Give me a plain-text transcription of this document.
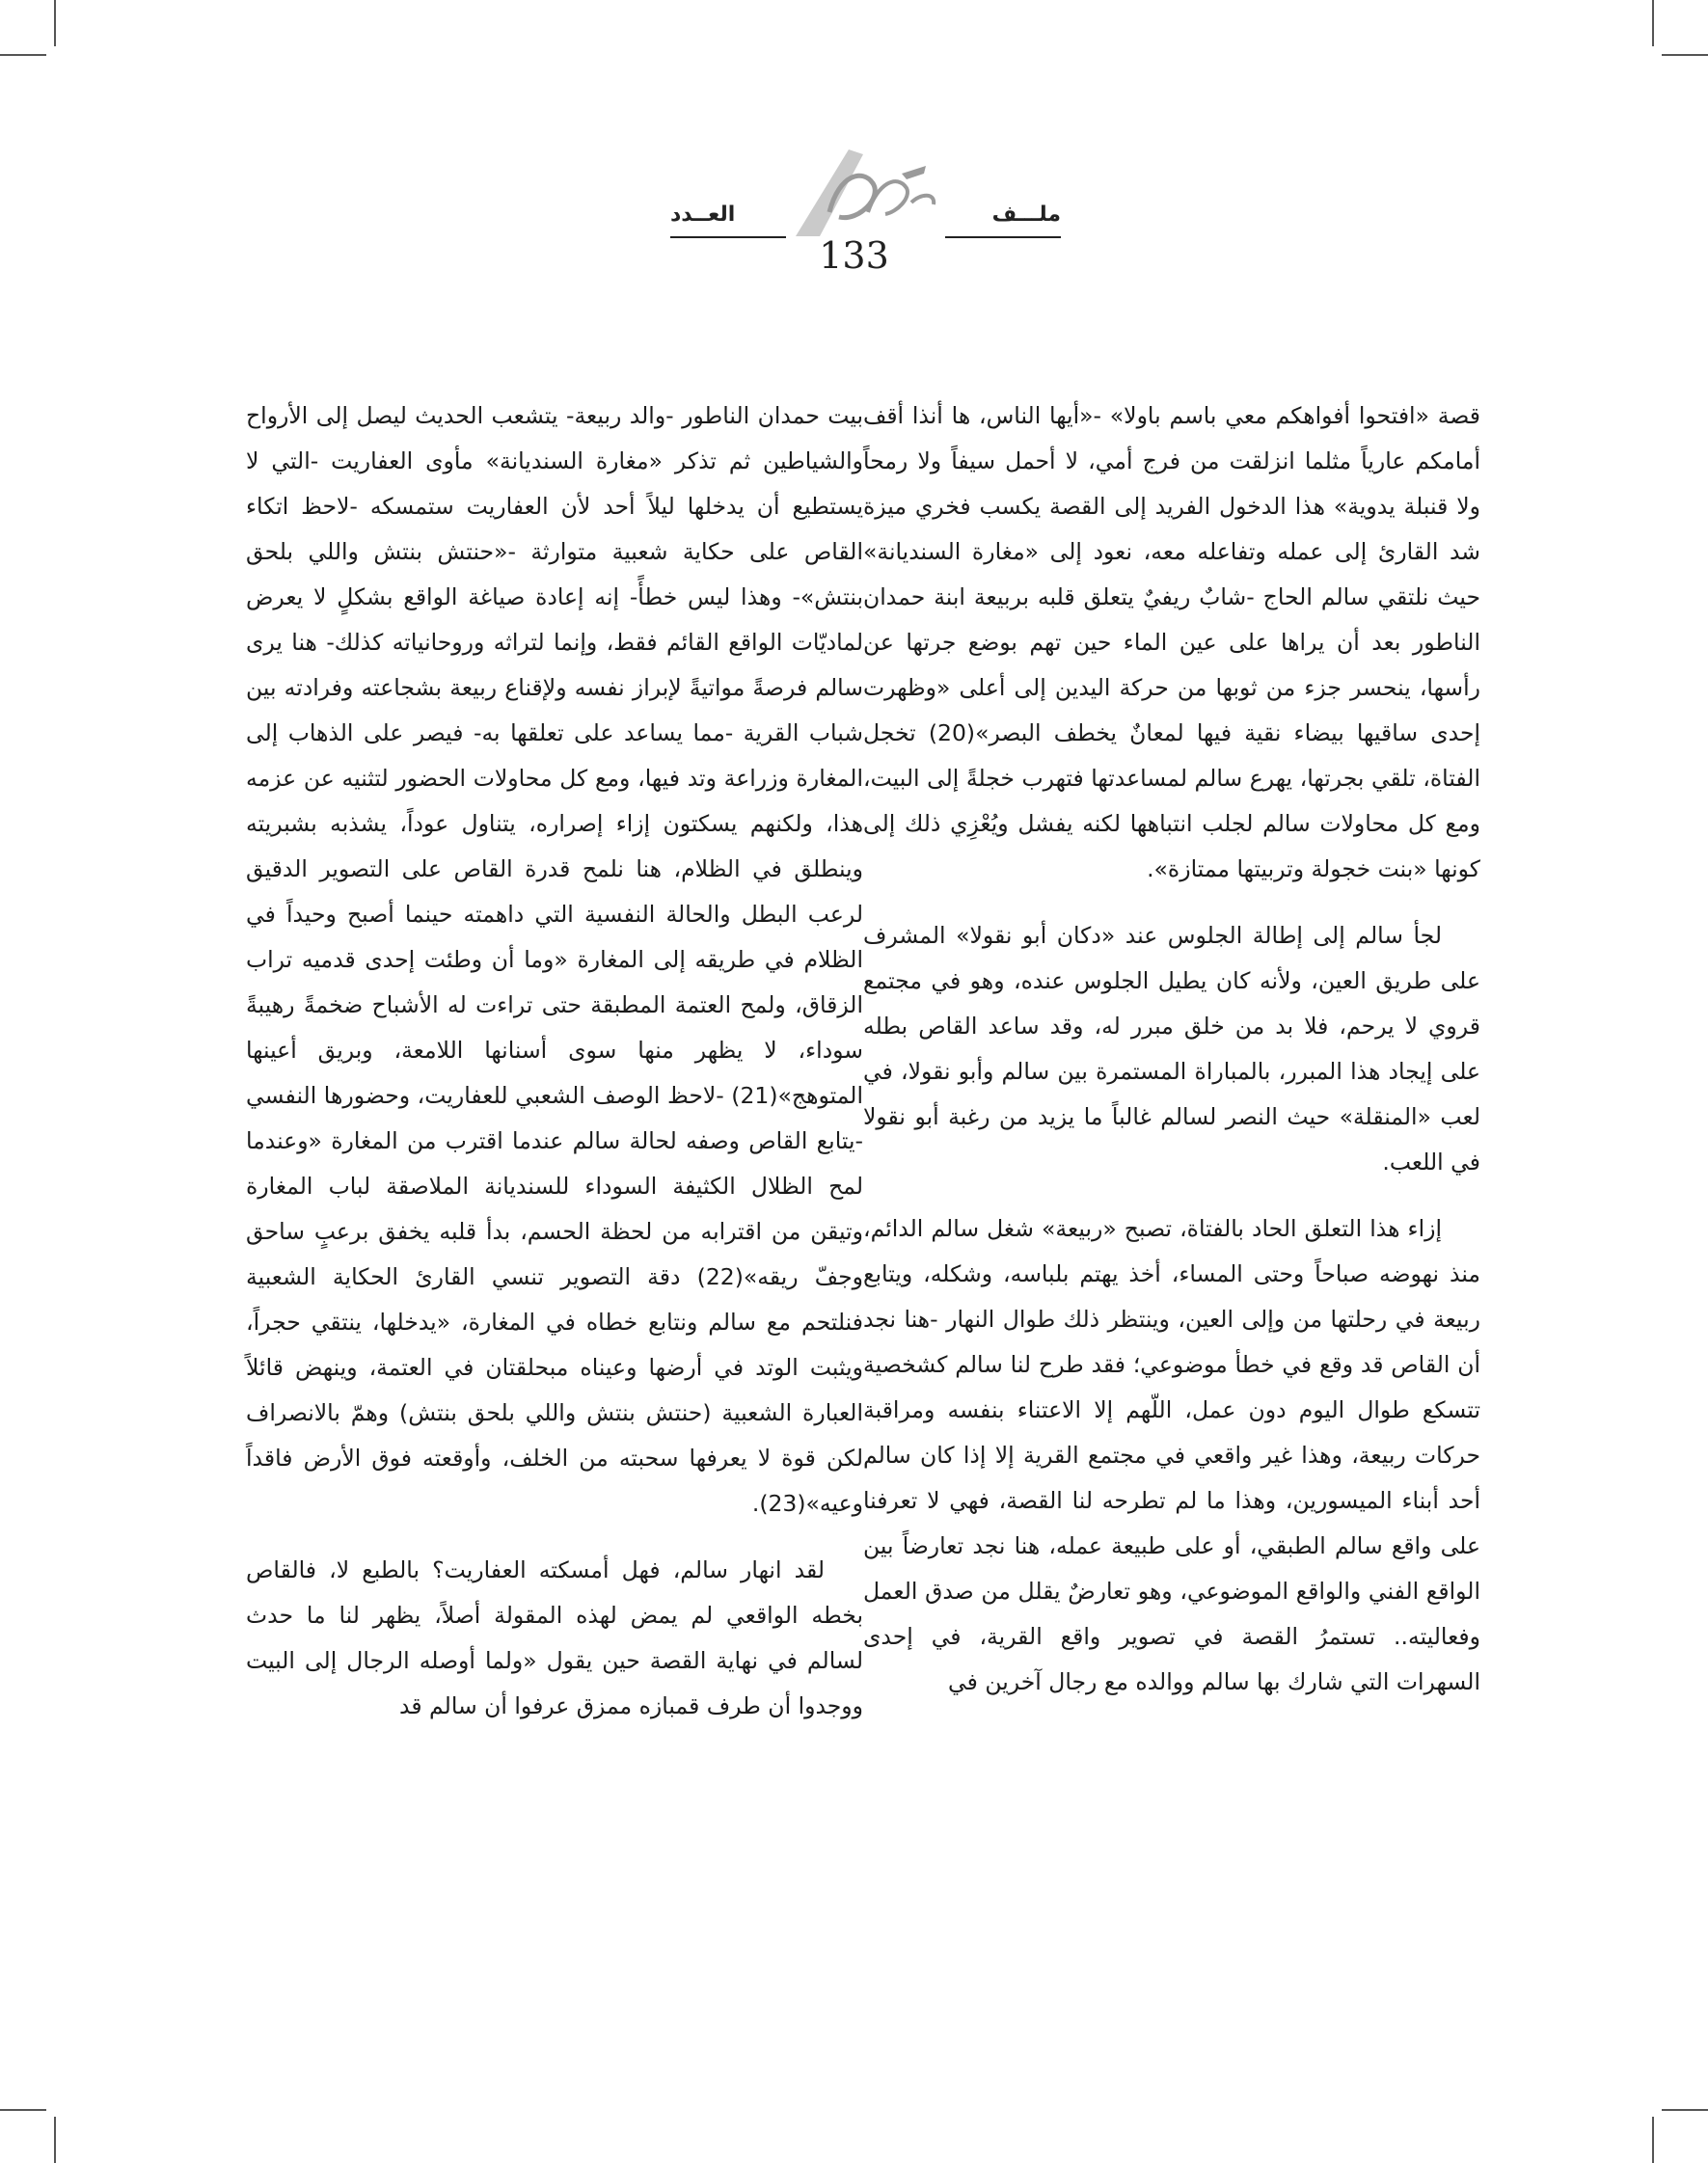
ملـــف
العــدد
133

قصة «افتحوا أفواهكم معي باسم باولا» -«أيها الناس، ها أنذا أقف أمامكم عارياً مثلما انزلقت من فرج أمي، لا أحمل سيفاً ولا رمحاً ولا قنبلة يدوية» هذا الدخول الفريد إلى القصة يكسب فخري ميزة شد القارئ إلى عمله وتفاعله معه، نعود إلى «مغارة السنديانة» حيث نلتقي سالم الحاج -شابٌ ريفيٌ يتعلق قلبه بربيعة ابنة حمدان الناطور بعد أن يراها على عين الماء حين تهم بوضع جرتها عن رأسها، ينحسر جزء من ثوبها من حركة اليدين إلى أعلى «وظهرت إحدى ساقيها بيضاء نقية فيها لمعانٌ يخطف البصر»(20) تخجل الفتاة، تلقي بجرتها، يهرع سالم لمساعدتها فتهرب خجلةً إلى البيت، ومع كل محاولات سالم لجلب انتباهها لكنه يفشل ويُعْزِي ذلك إلى كونها «بنت خجولة وتربيتها ممتازة».

لجأ سالم إلى إطالة الجلوس عند «دكان أبو نقولا» المشرف على طريق العين، ولأنه كان يطيل الجلوس عنده، وهو في مجتمع قروي لا يرحم، فلا بد من خلق مبرر له، وقد ساعد القاص بطله على إيجاد هذا المبرر، بالمباراة المستمرة بين سالم وأبو نقولا، في لعب «المنقلة» حيث النصر لسالم غالباً ما يزيد من رغبة أبو نقولا في اللعب.

إزاء هذا التعلق الحاد بالفتاة، تصبح «ربيعة» شغل سالم الدائم، منذ نهوضه صباحاً وحتى المساء، أخذ يهتم بلباسه، وشكله، ويتابع ربيعة في رحلتها من وإلى العين، وينتظر ذلك طوال النهار -هنا نجد أن القاص قد وقع في خطأ موضوعي؛ فقد طرح لنا سالم كشخصية تتسكع طوال اليوم دون عمل، اللّهم إلا الاعتناء بنفسه ومراقبة حركات ربيعة، وهذا غير واقعي في مجتمع القرية إلا إذا كان سالم أحد أبناء الميسورين، وهذا ما لم تطرحه لنا القصة، فهي لا تعرفنا على واقع سالم الطبقي، أو على طبيعة عمله، هنا نجد تعارضاً بين الواقع الفني والواقع الموضوعي، وهو تعارضٌ يقلل من صدق العمل وفعاليته.. تستمرُ القصة في تصوير واقع القرية، في إحدى السهرات التي شارك بها سالم ووالده مع رجال آخرين في

بيت حمدان الناطور -والد ربيعة- يتشعب الحديث ليصل إلى الأرواح والشياطين ثم تذكر «مغارة السنديانة» مأوى العفاريت -التي لا يستطيع أن يدخلها ليلاً أحد لأن العفاريت ستمسكه -لاحظ اتكاء القاص على حكاية شعبية متوارثة -«حنتش بنتش واللي بلحق بنتش»- وهذا ليس خطأً- إنه إعادة صياغة الواقع بشكلٍ لا يعرض لماديّات الواقع القائم فقط، وإنما لتراثه وروحانياته كذلك- هنا يرى سالم فرصةً مواتيةً لإبراز نفسه ولإقناع ربيعة بشجاعته وفرادته بين شباب القرية -مما يساعد على تعلقها به- فيصر على الذهاب إلى المغارة وزراعة وتد فيها، ومع كل محاولات الحضور لتثنيه عن عزمه هذا، ولكنهم يسكتون إزاء إصراره، يتناول عوداً، يشذبه بشبريته وينطلق في الظلام، هنا نلمح قدرة القاص على التصوير الدقيق لرعب البطل والحالة النفسية التي داهمته حينما أصبح وحيداً في الظلام في طريقه إلى المغارة «وما أن وطئت إحدى قدميه تراب الزقاق، ولمح العتمة المطبقة حتى تراءت له الأشباح ضخمةً رهيبةً سوداء، لا يظهر منها سوى أسنانها اللامعة، وبريق أعينها المتوهج»(21) -لاحظ الوصف الشعبي للعفاريت، وحضورها النفسي -يتابع القاص وصفه لحالة سالم عندما اقترب من المغارة «وعندما لمح الظلال الكثيفة السوداء للسنديانة الملاصقة لباب المغارة وتيقن من اقترابه من لحظة الحسم، بدأ قلبه يخفق برعبٍ ساحق وجفّ ريقه»(22) دقة التصوير تنسي القارئ الحكاية الشعبية فنلتحم مع سالم ونتابع خطاه في المغارة، «يدخلها، ينتقي حجراً، ويثبت الوتد في أرضها وعيناه مبحلقتان في العتمة، وينهض قائلاً العبارة الشعبية (حنتش بنتش واللي بلحق بنتش) وهمّ بالانصراف لكن قوة لا يعرفها سحبته من الخلف، وأوقعته فوق الأرض فاقداً وعيه»(23).

لقد انهار سالم، فهل أمسكته العفاريت؟ بالطبع لا، فالقاص بخطه الواقعي لم يمض لهذه المقولة أصلاً، يظهر لنا ما حدث لسالم في نهاية القصة حين يقول «ولما أوصله الرجال إلى البيت ووجدوا أن طرف قمبازه ممزق عرفوا أن سالم قد
